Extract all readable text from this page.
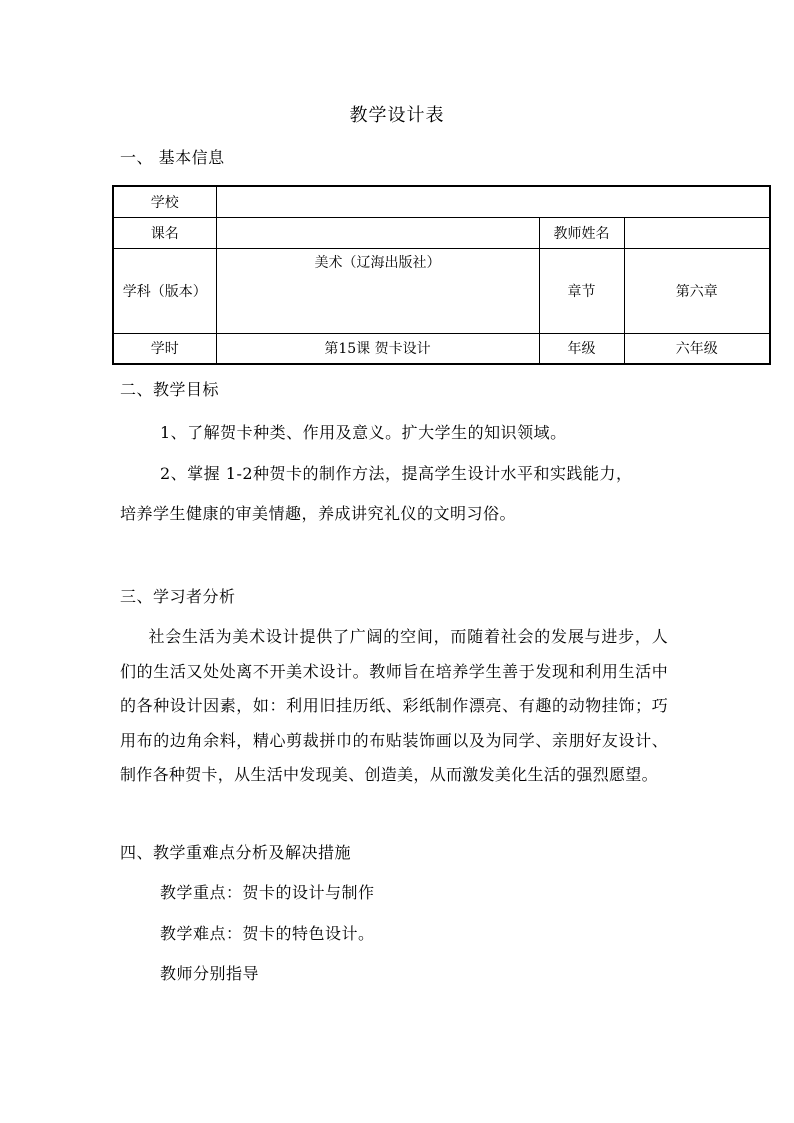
教学设计表
一、 基本信息
学校			
课名		教师姓名	
学科（版本）	美术（辽海出版社）	章节	第六章
学时	第15课 贺卡设计	年级	六年级
二、教学目标
1、了解贺卡种类、作用及意义。扩大学生的知识领域。
2、掌握 1-2种贺卡的制作方法，提高学生设计水平和实践能力，
培养学生健康的审美情趣，养成讲究礼仪的文明习俗。
三、学习者分析
社会生活为美术设计提供了广阔的空间，而随着社会的发展与进步，人们的生活又处处离不开美术设计。教师旨在培养学生善于发现和利用生活中的各种设计因素，如：利用旧挂历纸、彩纸制作漂亮、有趣的动物挂饰；巧用布的边角余料，精心剪裁拼巾的布贴装饰画以及为同学、亲朋好友设计、制作各种贺卡，从生活中发现美、创造美，从而激发美化生活的强烈愿望。
四、教学重难点分析及解决措施
教学重点：贺卡的设计与制作
教学难点：贺卡的特色设计。
教师分别指导
